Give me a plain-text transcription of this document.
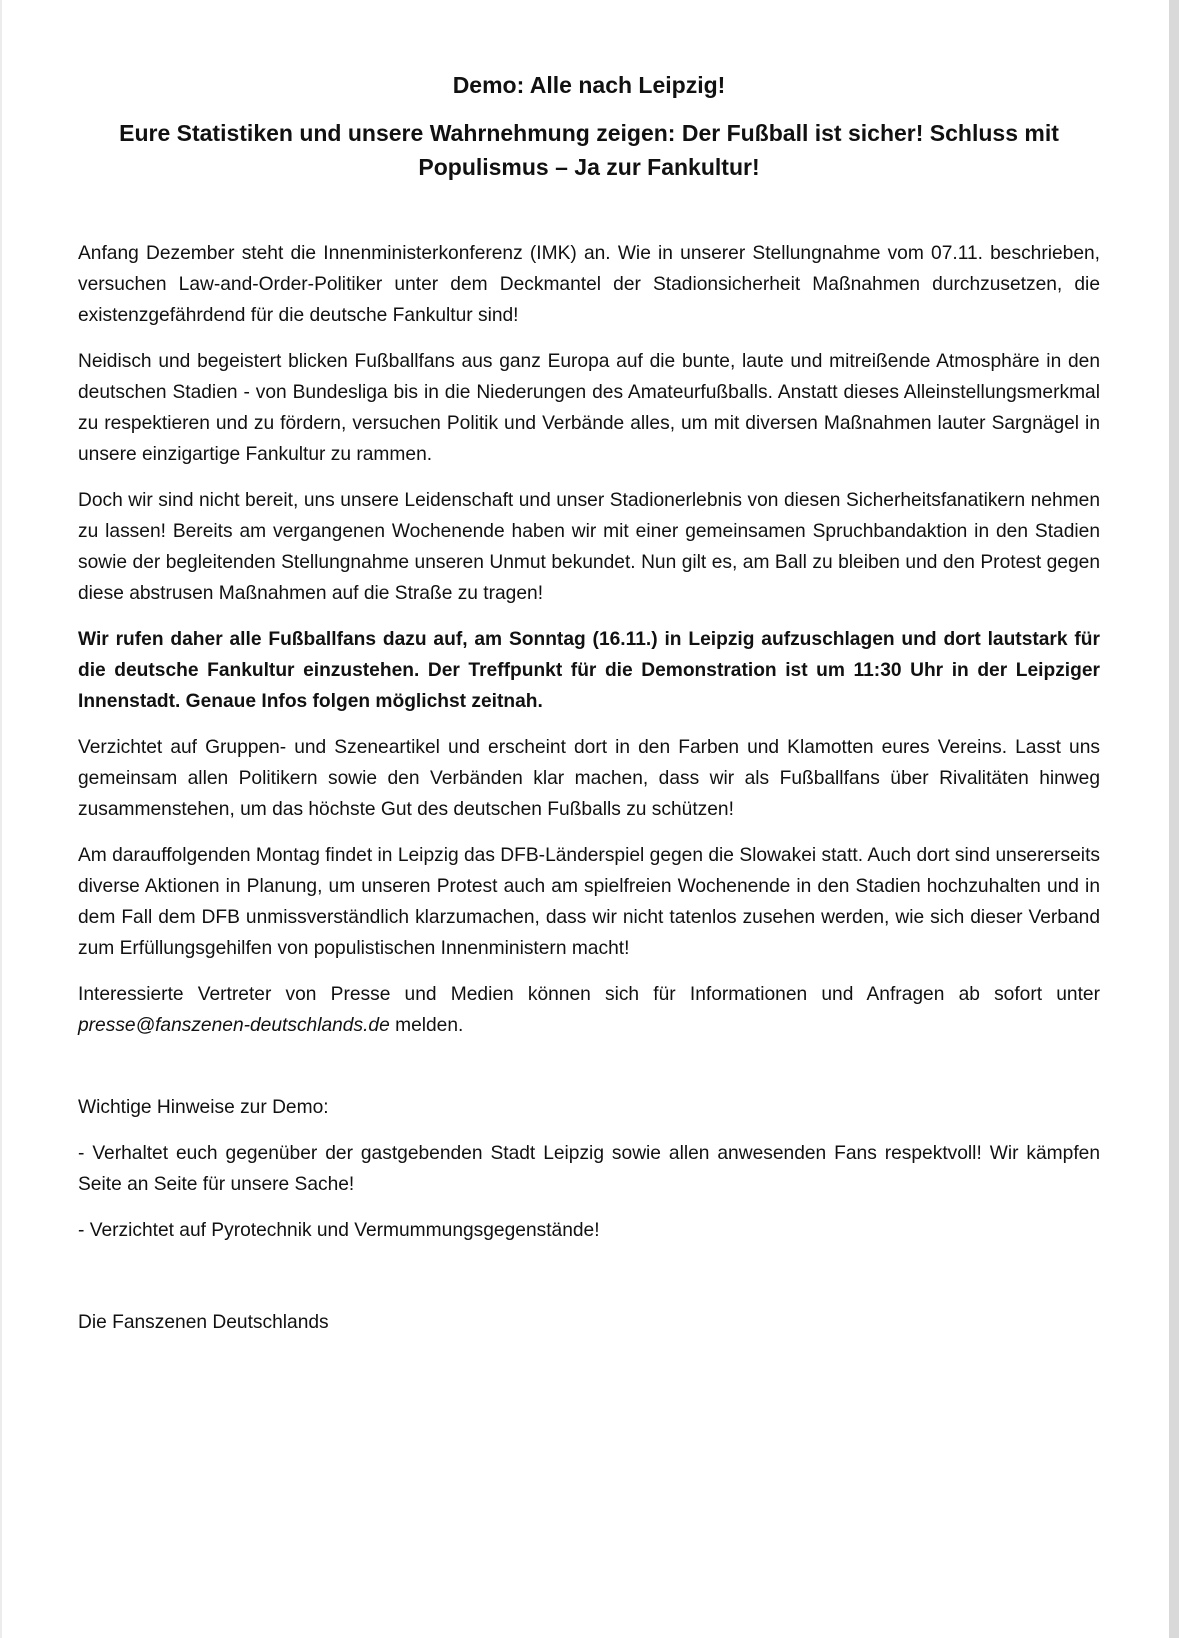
Demo: Alle nach Leipzig!
Eure Statistiken und unsere Wahrnehmung zeigen: Der Fußball ist sicher! Schluss mit Populismus – Ja zur Fankultur!

Anfang Dezember steht die Innenministerkonferenz (IMK) an. Wie in unserer Stellungnahme vom 07.11. beschrieben, versuchen Law-and-Order-Politiker unter dem Deckmantel der Stadionsicherheit Maßnahmen durchzusetzen, die existenzgefährdend für die deutsche Fankultur sind!

Neidisch und begeistert blicken Fußballfans aus ganz Europa auf die bunte, laute und mitreißende Atmosphäre in den deutschen Stadien - von Bundesliga bis in die Niederungen des Amateurfußballs. Anstatt dieses Alleinstellungsmerkmal zu respektieren und zu fördern, versuchen Politik und Verbände alles, um mit diversen Maßnahmen lauter Sargnägel in unsere einzigartige Fankultur zu rammen.

Doch wir sind nicht bereit, uns unsere Leidenschaft und unser Stadionerlebnis von diesen Sicherheitsfanatikern nehmen zu lassen! Bereits am vergangenen Wochenende haben wir mit einer gemeinsamen Spruchbandaktion in den Stadien sowie der begleitenden Stellungnahme unseren Unmut bekundet. Nun gilt es, am Ball zu bleiben und den Protest gegen diese abstrusen Maßnahmen auf die Straße zu tragen!

Wir rufen daher alle Fußballfans dazu auf, am Sonntag (16.11.) in Leipzig aufzuschlagen und dort lautstark für die deutsche Fankultur einzustehen. Der Treffpunkt für die Demonstration ist um 11:30 Uhr in der Leipziger Innenstadt. Genaue Infos folgen möglichst zeitnah.

Verzichtet auf Gruppen- und Szeneartikel und erscheint dort in den Farben und Klamotten eures Vereins. Lasst uns gemeinsam allen Politikern sowie den Verbänden klar machen, dass wir als Fußballfans über Rivalitäten hinweg zusammenstehen, um das höchste Gut des deutschen Fußballs zu schützen!

Am darauffolgenden Montag findet in Leipzig das DFB-Länderspiel gegen die Slowakei statt. Auch dort sind unsererseits diverse Aktionen in Planung, um unseren Protest auch am spielfreien Wochenende in den Stadien hochzuhalten und in dem Fall dem DFB unmissverständlich klarzumachen, dass wir nicht tatenlos zusehen werden, wie sich dieser Verband zum Erfüllungsgehilfen von populistischen Innenministern macht!

Interessierte Vertreter von Presse und Medien können sich für Informationen und Anfragen ab sofort unter presse@fanszenen-deutschlands.de melden.

Wichtige Hinweise zur Demo:

- Verhaltet euch gegenüber der gastgebenden Stadt Leipzig sowie allen anwesenden Fans respektvoll! Wir kämpfen Seite an Seite für unsere Sache!

- Verzichtet auf Pyrotechnik und Vermummungsgegenstände!

Die Fanszenen Deutschlands
